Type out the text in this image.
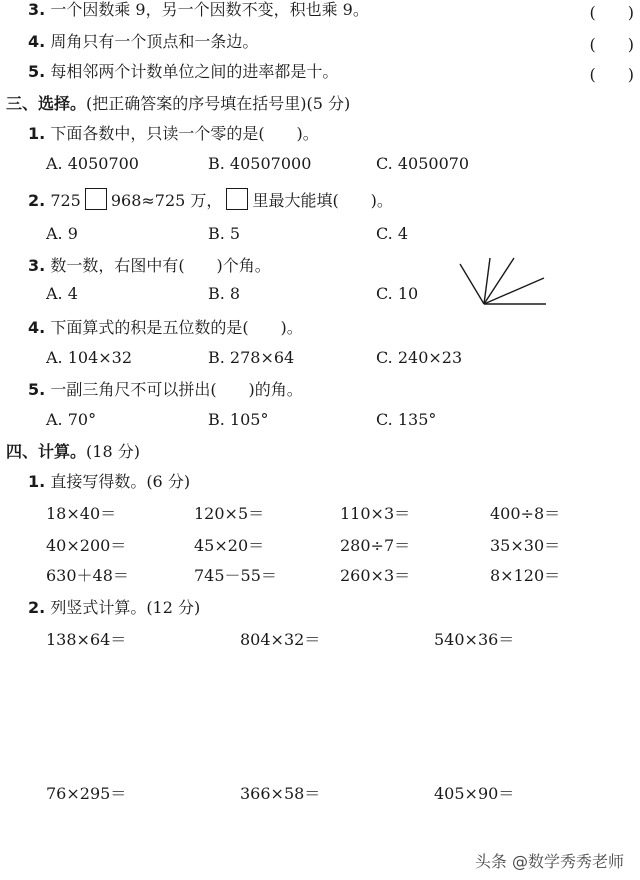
3. 一个因数乘 9，另一个因数不变，积也乘 9。	(　　)
4. 周角只有一个顶点和一条边。	(　　)
5. 每相邻两个计数单位之间的进率都是十。	(　　)
三、选择。(把正确答案的序号填在括号里)(5 分)
1. 下面各数中，只读一个零的是(　　)。
A. 4050700	B. 40507000	C. 4050070
2. 725 968≈725 万， 里最大能填(　　)。
A. 9	B. 5	C. 4
3. 数一数，右图中有(　　)个角。
A. 4	B. 8	C. 10
4. 下面算式的积是五位数的是(　　)。
A. 104×32	B. 278×64	C. 240×23
5. 一副三角尺不可以拼出(　　)的角。
A. 70°	B. 105°	C. 135°
四、计算。(18 分)
1. 直接写得数。(6 分)
18×40＝	120×5＝	110×3＝	400÷8＝
40×200＝	45×20＝	280÷7＝	35×30＝
630＋48＝	745－55＝	260×3＝	8×120＝
2. 列竖式计算。(12 分)
138×64＝	804×32＝	540×36＝
76×295＝	366×58＝	405×90＝
头条 @数学秀秀老师
